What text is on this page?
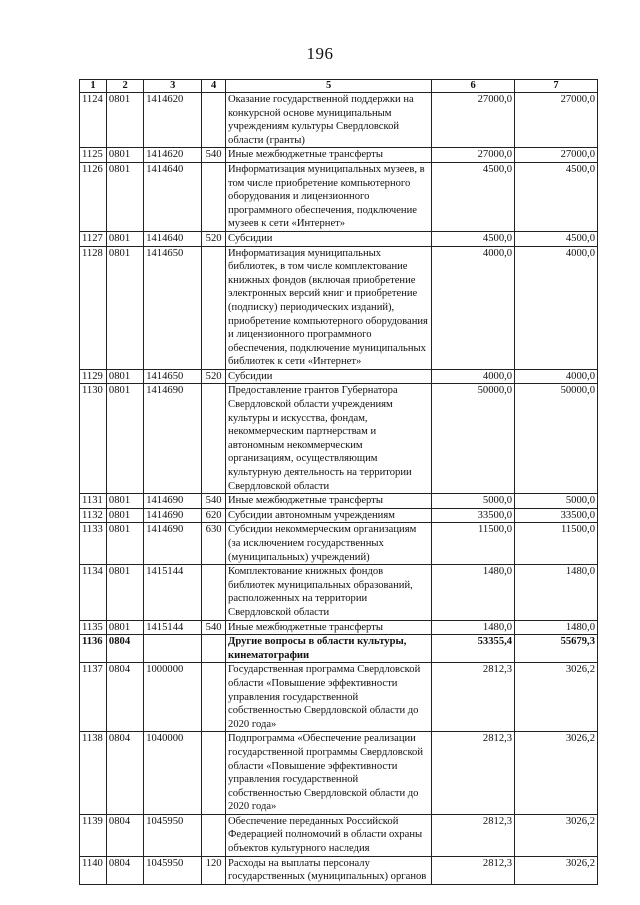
196
1	2	3	4	5	6	7
1124	0801	1414620		Оказание государственной поддержки на конкурсной основе муниципальным учреждениям культуры Свердловской области (гранты)	27000,0	27000,0
1125	0801	1414620	540	Иные межбюджетные трансферты	27000,0	27000,0
1126	0801	1414640		Информатизация муниципальных музеев, в том числе приобретение компьютерного оборудования и лицензионного программного обеспечения, подключение музеев к сети «Интернет»	4500,0	4500,0
1127	0801	1414640	520	Субсидии	4500,0	4500,0
1128	0801	1414650		Информатизация муниципальных библиотек, в том числе комплектование книжных фондов (включая приобретение электронных версий книг и приобретение (подписку) периодических изданий), приобретение компьютерного оборудования и лицензионного программного обеспечения, подключение муниципальных библиотек к сети «Интернет»	4000,0	4000,0
1129	0801	1414650	520	Субсидии	4000,0	4000,0
1130	0801	1414690		Предоставление грантов Губернатора Свердловской области учреждениям культуры и искусства, фондам, некоммерческим партнерствам и автономным некоммерческим организациям, осуществляющим культурную деятельность на территории Свердловской области	50000,0	50000,0
1131	0801	1414690	540	Иные межбюджетные трансферты	5000,0	5000,0
1132	0801	1414690	620	Субсидии автономным учреждениям	33500,0	33500,0
1133	0801	1414690	630	Субсидии некоммерческим организациям (за исключением государственных (муниципальных) учреждений)	11500,0	11500,0
1134	0801	1415144		Комплектование книжных фондов библиотек муниципальных образований, расположенных на территории Свердловской области	1480,0	1480,0
1135	0801	1415144	540	Иные межбюджетные трансферты	1480,0	1480,0
1136	0804			Другие вопросы в области культуры, кинематографии	53355,4	55679,3
1137	0804	1000000		Государственная программа Свердловской области «Повышение эффективности управления государственной собственностью Свердловской области до 2020 года»	2812,3	3026,2
1138	0804	1040000		Подпрограмма «Обеспечение реализации государственной программы Свердловской области «Повышение эффективности управления государственной собственностью Свердловской области до 2020 года»	2812,3	3026,2
1139	0804	1045950		Обеспечение переданных Российской Федерацией полномочий в области охраны объектов культурного наследия	2812,3	3026,2
1140	0804	1045950	120	Расходы на выплаты персоналу государственных (муниципальных) органов	2812,3	3026,2
